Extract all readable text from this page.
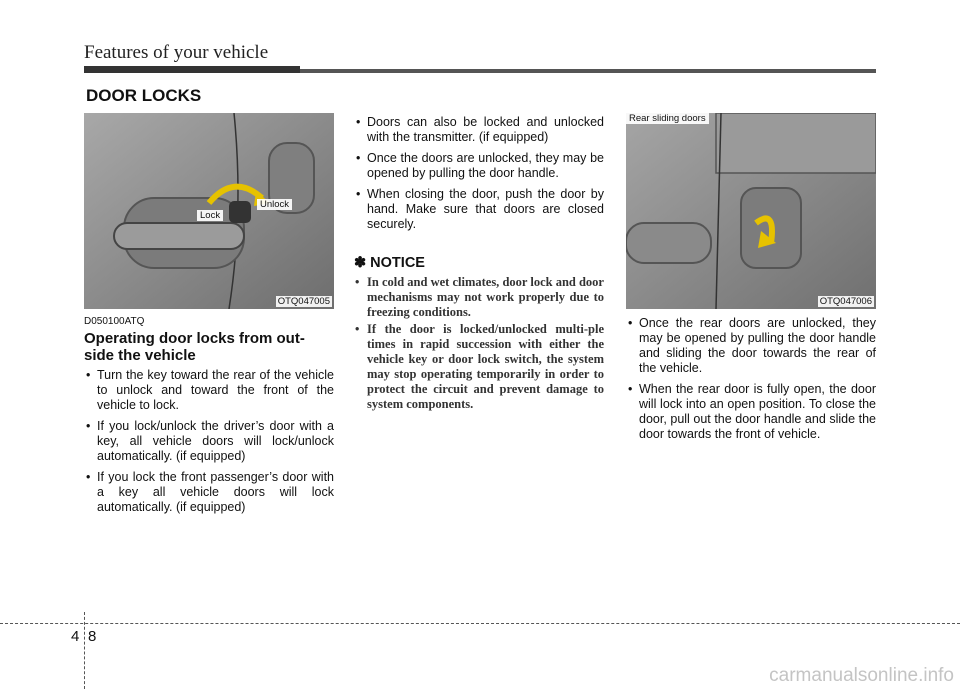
Features of your vehicle
DOOR LOCKS
Lock
Unlock
OTQ047005
Rear sliding doors
OTQ047006
D050100ATQ
Operating door locks from out-side the vehicle
• Turn the key toward the rear of the vehicle to unlock and toward the front of the vehicle to lock.
• If you lock/unlock the driver’s door with a key, all vehicle doors will lock/unlock automatically. (if equipped)
• If you lock the front passenger’s door with a key all vehicle doors will lock automatically. (if equipped)
• Doors can also be locked and unlocked with the transmitter. (if equipped)
• Once the doors are unlocked, they may be opened by pulling the door handle.
• When closing the door, push the door by hand. Make sure that doors are closed securely.
✽ NOTICE
• In cold and wet climates, door lock and door mechanisms may not work properly due to freezing conditions.
• If the door is locked/unlocked multi-ple times in rapid succession with either the vehicle key or door lock switch, the system may stop operating temporarily in order to protect the circuit and prevent damage to system components.
• Once the rear doors are unlocked, they may be opened by pulling the door handle and sliding the door towards the rear of the vehicle.
• When the rear door is fully open, the door will lock into an open position. To close the door, pull out the door handle and slide the door towards the front of vehicle.
4 8
carmanualsonline.info
